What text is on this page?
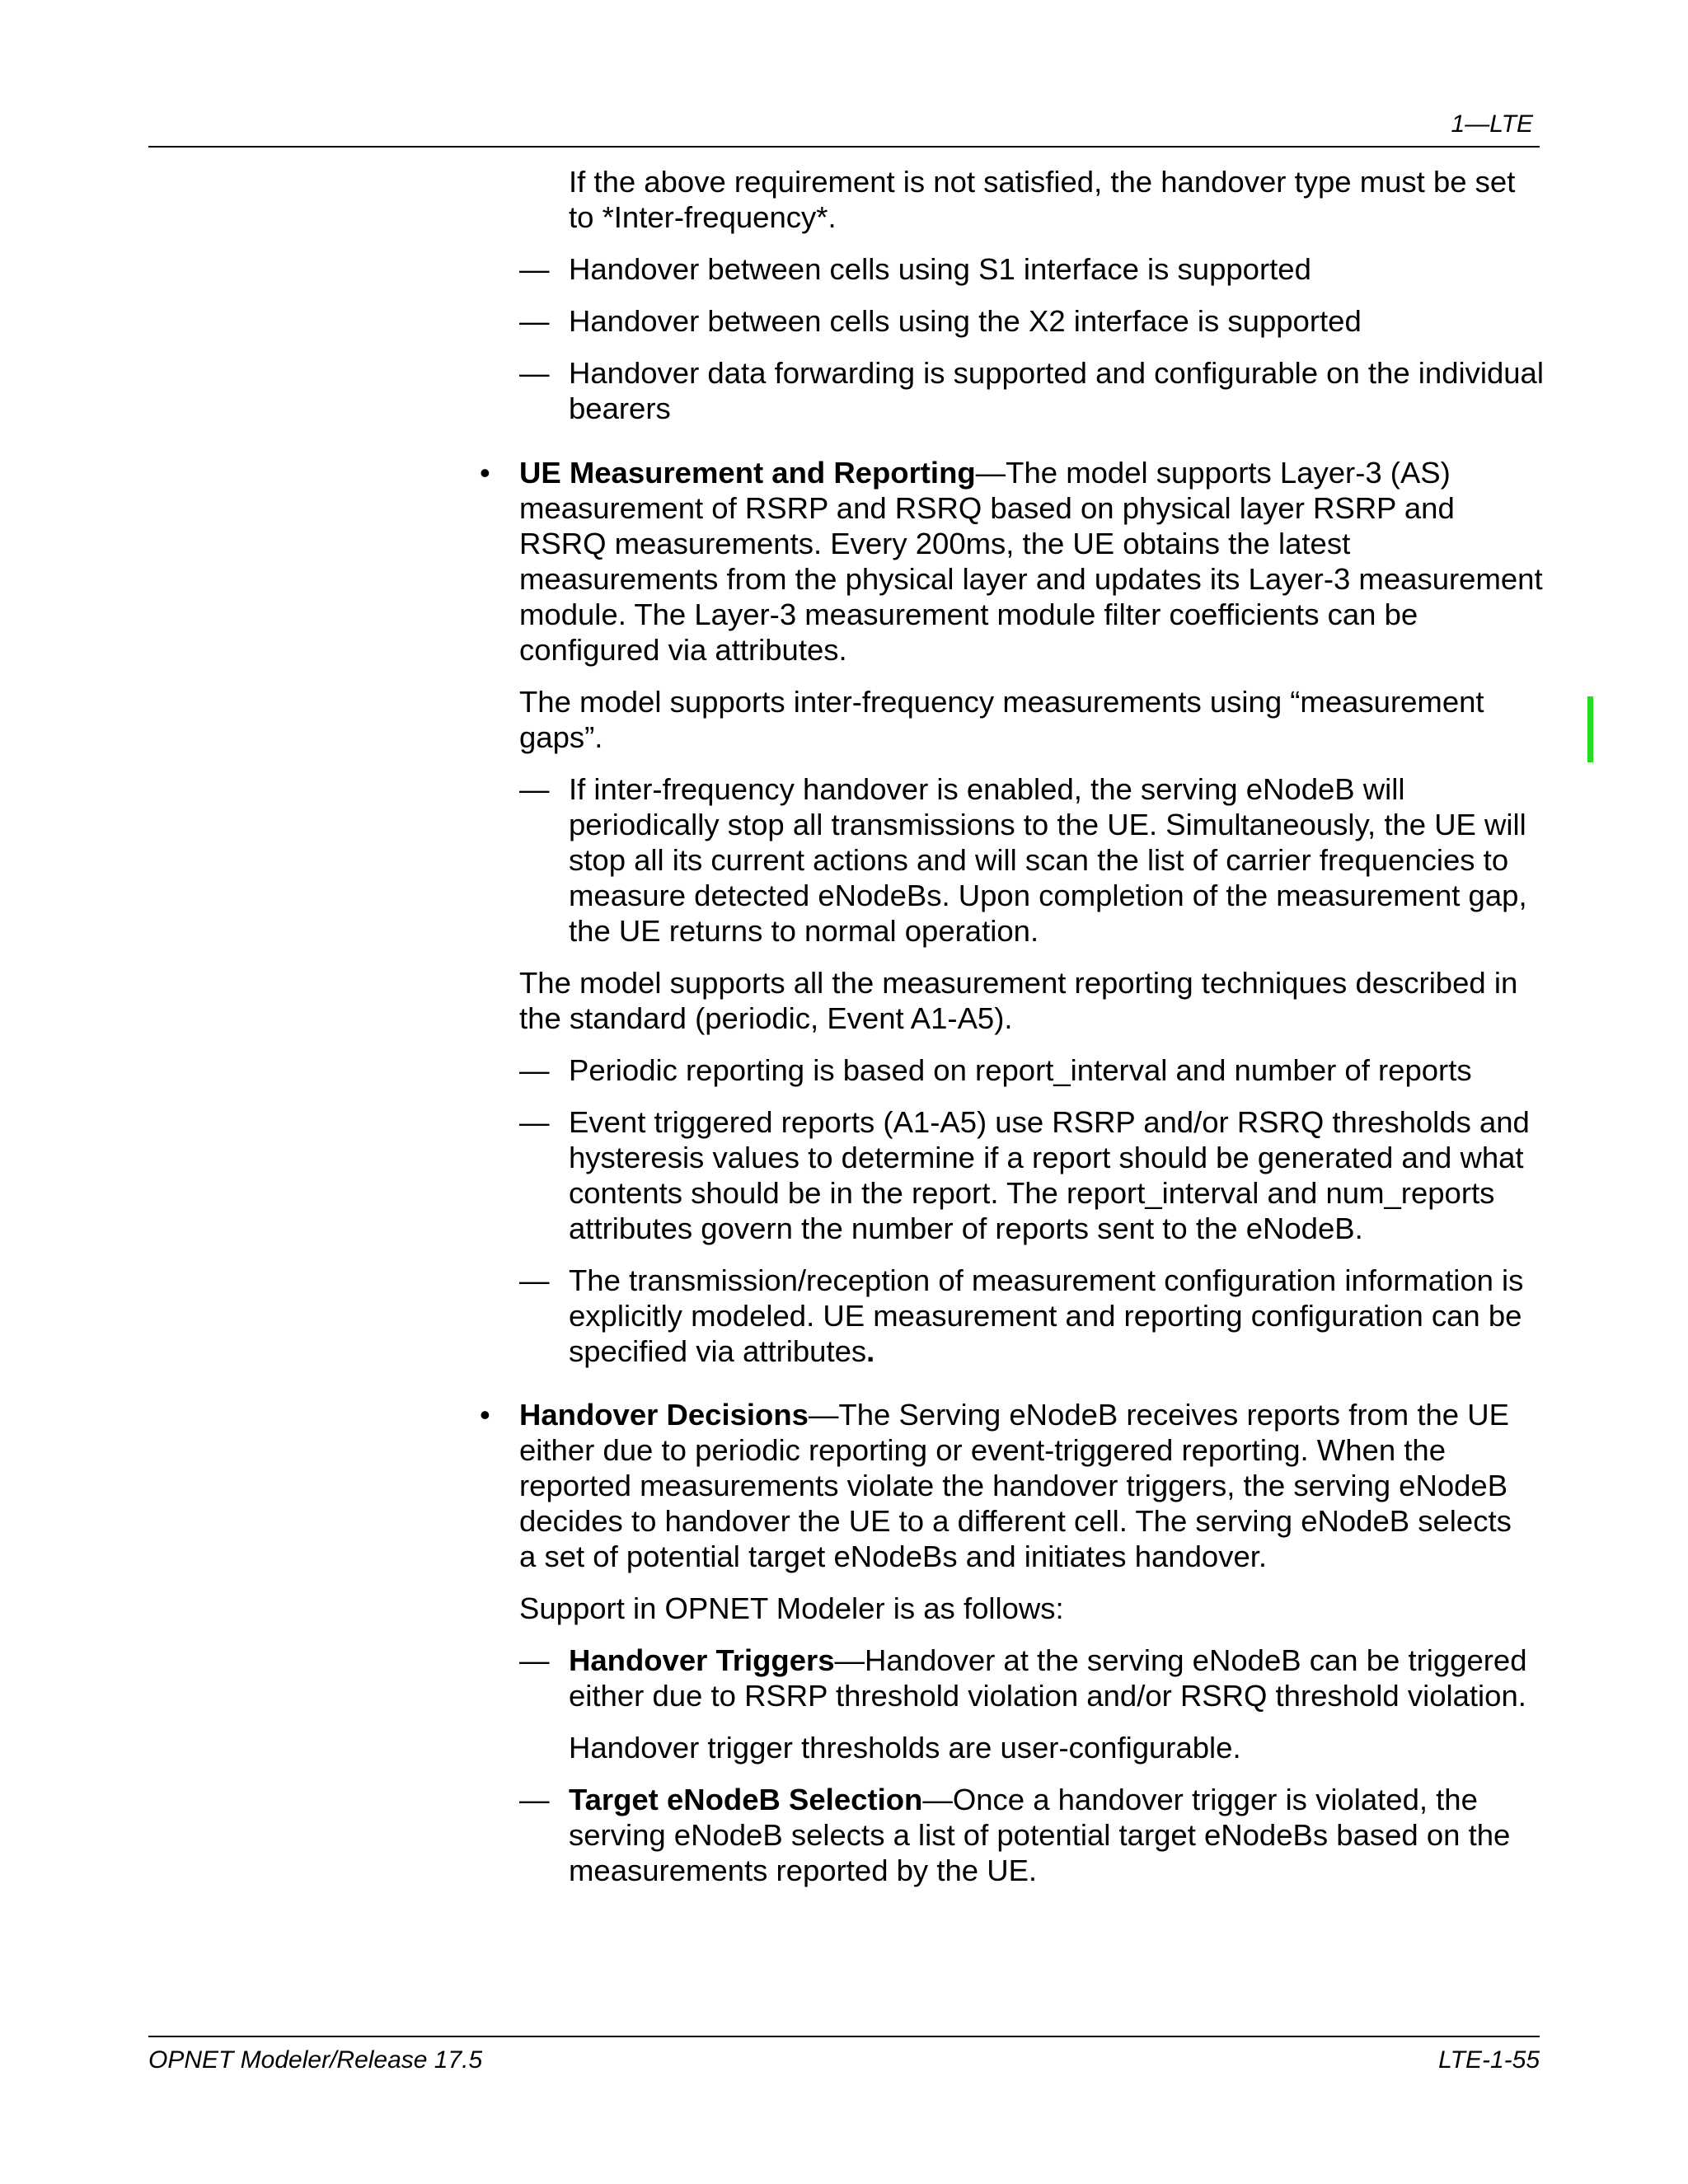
1—LTE

If the above requirement is not satisfied, the handover type must be set

to *Inter-frequency*.

— Handover between cells using S1 interface is supported

— Handover between cells using the X2 interface is supported

— Handover data forwarding is supported and configurable on the individual

bearers

• UE Measurement and Reporting—The model supports Layer-3 (AS)

measurement of RSRP and RSRQ based on physical layer RSRP and

RSRQ measurements. Every 200ms, the UE obtains the latest

measurements from the physical layer and updates its Layer-3 measurement

module. The Layer-3 measurement module filter coefficients can be

configured via attributes.

The model supports inter-frequency measurements using “measurement

gaps”.

— If inter-frequency handover is enabled, the serving eNodeB will

periodically stop all transmissions to the UE. Simultaneously, the UE will

stop all its current actions and will scan the list of carrier frequencies to

measure detected eNodeBs. Upon completion of the measurement gap,

the UE returns to normal operation.

The model supports all the measurement reporting techniques described in

the standard (periodic, Event A1-A5).

— Periodic reporting is based on report_interval and number of reports

— Event triggered reports (A1-A5) use RSRP and/or RSRQ thresholds and

hysteresis values to determine if a report should be generated and what

contents should be in the report. The report_interval and num_reports

attributes govern the number of reports sent to the eNodeB.

— The transmission/reception of measurement configuration information is

explicitly modeled. UE measurement and reporting configuration can be

specified via attributes.

• Handover Decisions—The Serving eNodeB receives reports from the UE

either due to periodic reporting or event-triggered reporting. When the

reported measurements violate the handover triggers, the serving eNodeB

decides to handover the UE to a different cell. The serving eNodeB selects

a set of potential target eNodeBs and initiates handover.

Support in OPNET Modeler is as follows:

— Handover Triggers—Handover at the serving eNodeB can be triggered

either due to RSRP threshold violation and/or RSRQ threshold violation.

Handover trigger thresholds are user-configurable.

— Target eNodeB Selection—Once a handover trigger is violated, the

serving eNodeB selects a list of potential target eNodeBs based on the

measurements reported by the UE.

OPNET Modeler/Release 17.5	LTE-1-55
